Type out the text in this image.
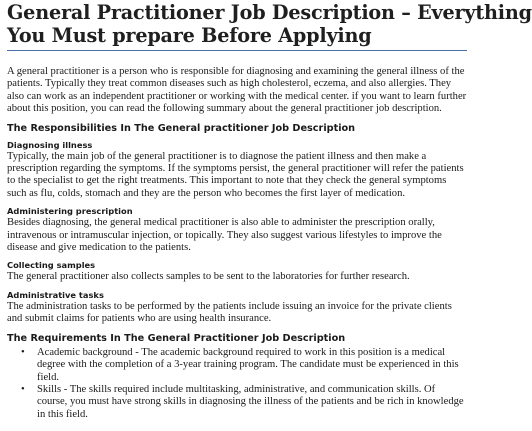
General Practitioner Job Description – Everything
You Must prepare Before Applying

A general practitioner is a person who is responsible for diagnosing and examining the general illness of the patients. Typically they treat common diseases such as high cholesterol, eczema, and also allergies. They also can work as an independent practitioner or working with the medical center. if you want to learn further about this position, you can read the following summary about the general practitioner job description.

The Responsibilities In The General practitioner Job Description
Diagnosing illness

Typically, the main job of the general practitioner is to diagnose the patient illness and then make a prescription regarding the symptoms. If the symptoms persist, the general practitioner will refer the patients to the specialist to get the right treatments. This important to note that they check the general symptoms such as flu, colds, stomach and they are the person who becomes the first layer of medication.

Administering prescription

Besides diagnosing, the general medical practitioner is also able to administer the prescription orally, intravenous or intramuscular injection, or topically. They also suggest various lifestyles to improve the disease and give medication to the patients.

Collecting samples

The general practitioner also collects samples to be sent to the laboratories for further research.

Administrative tasks

The administration tasks to be performed by the patients include issuing an invoice for the private clients and submit claims for patients who are using health insurance.

The Requirements In The General Practitioner Job Description
• Academic background - The academic background required to work in this position is a medical degree with the completion of a 3-year training program. The candidate must be experienced in this field.
• Skills - The skills required include multitasking, administrative, and communication skills. Of course, you must have strong skills in diagnosing the illness of the patients and be rich in knowledge in this field.
